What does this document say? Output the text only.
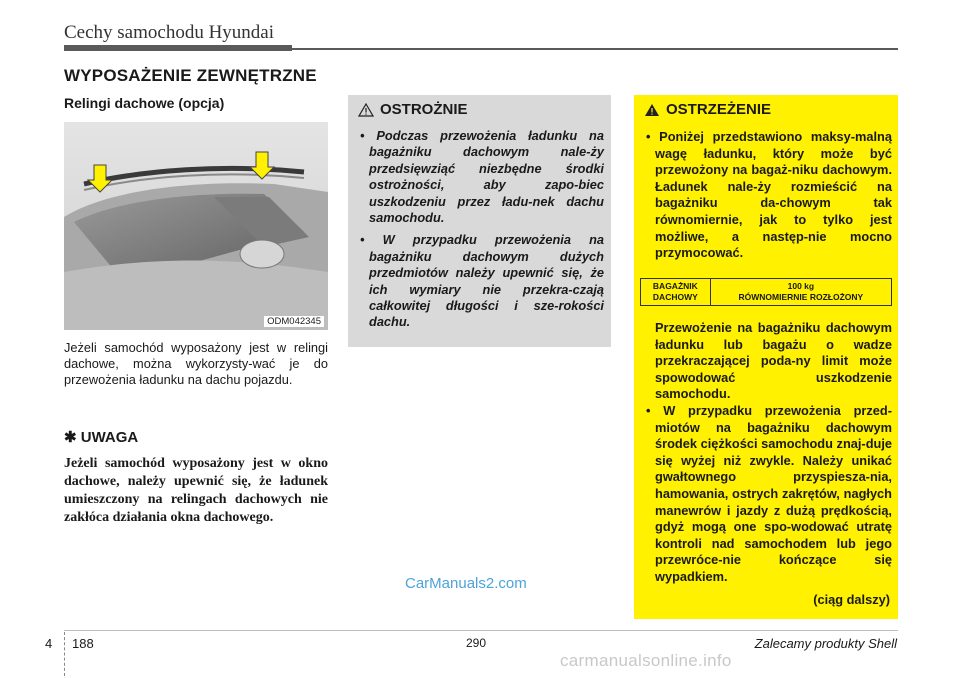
Cechy samochodu Hyundai
WYPOSAŻENIE ZEWNĘTRZNE
Relingi dachowe (opcja)
ODM042345
Jeżeli samochód wyposażony jest w relingi dachowe, można wykorzysty-wać je do przewożenia ładunku na dachu pojazdu.
✱ UWAGA
Jeżeli samochód wyposażony jest w okno dachowe, należy upewnić się, że ładunek umieszczony na relingach dachowych nie zakłóca działania okna dachowego.
OSTROŻNIE
• Podczas przewożenia ładunku na bagażniku dachowym nale-ży przedsięwziąć niezbędne środki ostrożności, aby zapo-biec uszkodzeniu przez ładu-nek dachu samochodu.
• W przypadku przewożenia na bagażniku dachowym dużych przedmiotów należy upewnić się, że ich wymiary nie przekra-czają całkowitej długości i sze-rokości dachu.
OSTRZEŻENIE
• Poniżej przedstawiono maksy-malną wagę ładunku, który może być przewożony na bagaż-niku dachowym. Ładunek nale-ży rozmieścić na bagażniku da-chowym tak równomiernie, jak to tylko jest możliwe, a następ-nie mocno przymocować.
BAGAŻNIK
DACHOWY	100 kg
RÓWNOMIERNIE ROZŁOŻONY
Przewożenie na bagażniku dachowym ładunku lub bagażu o wadze przekraczającej poda-ny limit może spowodować uszkodzenie samochodu.
• W przypadku przewożenia przed-miotów na bagażniku dachowym środek ciężkości samochodu znaj-duje się wyżej niż zwykle. Należy unikać gwałtownego przyspiesza-nia, hamowania, ostrych zakrętów, nagłych manewrów i jazdy z dużą prędkością, gdyż mogą one spo-wodować utratę kontroli nad samochodem lub jego przewróce-nie kończące się wypadkiem.
(ciąg dalszy)
CarManuals2.com
4 188	290	Zalecamy produkty Shell
carmanualsonline.info
